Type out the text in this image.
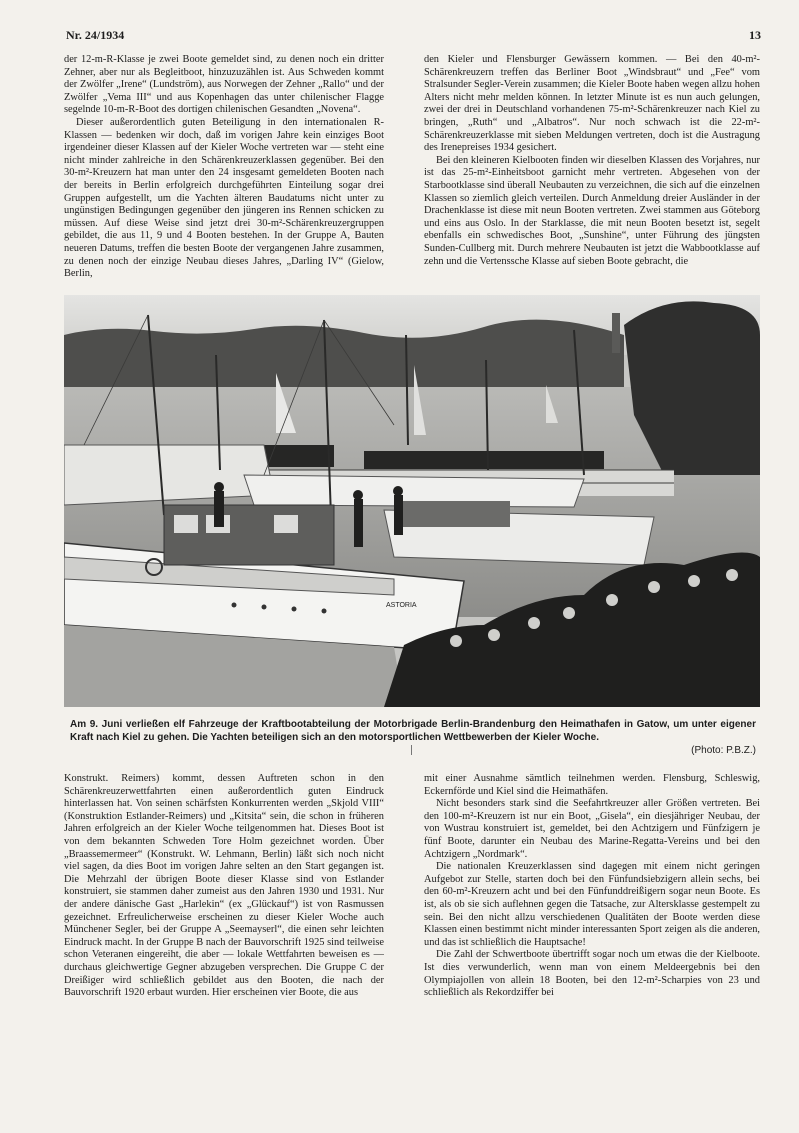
Nr. 24/1934	13

der 12-m-R-Klasse je zwei Boote gemeldet sind, zu denen noch ein dritter Zehner, aber nur als Begleitboot, hinzuzuzählen ist. Aus Schweden kommt der Zwölfer „Irene“ (Lundström), aus Norwegen der Zehner „Rallo“ und der Zwölfer „Vema III“ und aus Kopenhagen das unter chilenischer Flagge segelnde 10-m-R-Boot des dortigen chilenischen Gesandten „Novena“.

Dieser außerordentlich guten Beteiligung in den internationalen R-Klassen — bedenken wir doch, daß im vorigen Jahre kein einziges Boot irgendeiner dieser Klassen auf der Kieler Woche vertreten war — steht eine nicht minder zahlreiche in den Schärenkreuzerklassen gegenüber. Bei den 30-m²-Kreuzern hat man unter den 24 insgesamt gemeldeten Booten nach der bereits in Berlin erfolgreich durchgeführten Einteilung sogar drei Gruppen aufgestellt, um die Yachten älteren Baudatums nicht unter zu ungünstigen Bedingungen gegenüber den jüngeren ins Rennen schicken zu müssen. Auf diese Weise sind jetzt drei 30-m²-Schärenkreuzergruppen gebildet, die aus 11, 9 und 4 Booten bestehen. In der Gruppe A, Bauten neueren Datums, treffen die besten Boote der vergangenen Jahre zusammen, zu denen noch der einzige Neubau dieses Jahres, „Darling IV“ (Gielow, Berlin,

den Kieler und Flensburger Gewässern kommen. — Bei den 40-m²-Schärenkreuzern treffen das Berliner Boot „Windsbraut“ und „Fee“ vom Stralsunder Segler-Verein zusammen; die Kieler Boote haben wegen allzu hohen Alters nicht mehr melden können. In letzter Minute ist es nun auch gelungen, zwei der drei in Deutschland vorhandenen 75-m²-Schärenkreuzer nach Kiel zu bringen, „Ruth“ und „Albatros“. Nur noch schwach ist die 22-m²-Schärenkreuzerklasse mit sieben Meldungen vertreten, doch ist die Austragung des Irenepreises 1934 gesichert.

Bei den kleineren Kielbooten finden wir dieselben Klassen des Vorjahres, nur ist das 25-m²-Einheitsboot garnicht mehr vertreten. Abgesehen von der Starbootklasse sind überall Neubauten zu verzeichnen, die sich auf die einzelnen Klassen so ziemlich gleich verteilen. Durch Anmeldung dreier Ausländer in der Drachenklasse ist diese mit neun Booten vertreten. Zwei stammen aus Göteborg und eins aus Oslo. In der Starklasse, die mit neun Booten besetzt ist, segelt ebenfalls ein schwedisches Boot, „Sunshine“, unter Führung des jüngsten Sunden-Cullberg mit. Durch mehrere Neubauten ist jetzt die Wabbootklasse auf zehn und die Vertenssche Klasse auf sieben Boote gebracht, die

ASTORIA
Am 9. Juni verließen elf Fahrzeuge der Kraftbootabteilung der Motorbrigade Berlin-Brandenburg den Heimathafen in Gatow, um unter eigener Kraft nach Kiel zu gehen. Die Yachten beteiligen sich an den motorsportlichen Wettbewerben der Kieler Woche.
(Photo: P.B.Z.)

Konstrukt. Reimers) kommt, dessen Auftreten schon in den Schärenkreuzerwettfahrten einen außerordentlich guten Eindruck hinterlassen hat. Von seinen schärfsten Konkurrenten werden „Skjold VIII“ (Konstruktion Estlander-Reimers) und „Kitsita“ sein, die schon in früheren Jahren erfolgreich an der Kieler Woche teilgenommen hat. Dieses Boot ist von dem bekannten Schweden Tore Holm gezeichnet worden. Über „Braassemermeer“ (Konstrukt. W. Lehmann, Berlin) läßt sich noch nicht viel sagen, da dies Boot im vorigen Jahre selten an den Start gegangen ist. Die Mehrzahl der übrigen Boote dieser Klasse sind von Estlander konstruiert, sie stammen daher zumeist aus den Jahren 1930 und 1931. Nur der andere dänische Gast „Harlekin“ (ex „Glückauf“) ist von Rasmussen gezeichnet. Erfreulicherweise erscheinen zu dieser Kieler Woche auch Münchener Segler, bei der Gruppe A „Seemayserl“, die einen sehr leichten Eindruck macht. In der Gruppe B nach der Bauvorschrift 1925 sind teilweise schon Veteranen eingereiht, die aber — lokale Wettfahrten beweisen es — durchaus gleichwertige Gegner abzugeben versprechen. Die Gruppe C der Dreißiger wird schließlich gebildet aus den Booten, die nach der Bauvorschrift 1920 erbaut wurden. Hier erscheinen vier Boote, die aus

mit einer Ausnahme sämtlich teilnehmen werden. Flensburg, Schleswig, Eckernförde und Kiel sind die Heimathäfen.

Nicht besonders stark sind die Seefahrtkreuzer aller Größen vertreten. Bei den 100-m²-Kreuzern ist nur ein Boot, „Gisela“, ein diesjähriger Neubau, der von Wustrau konstruiert ist, gemeldet, bei den Achtzigern und Fünfzigern je fünf Boote, darunter ein Neubau des Marine-Regatta-Vereins und bei den Achtzigern „Nordmark“.

Die nationalen Kreuzerklassen sind dagegen mit einem nicht geringen Aufgebot zur Stelle, starten doch bei den Fünfundsiebzigern allein sechs, bei den 60-m²-Kreuzern acht und bei den Fünfunddreißigern sogar neun Boote. Es ist, als ob sie sich auflehnen gegen die Tatsache, zur Altersklasse gestempelt zu sein. Bei den nicht allzu verschiedenen Qualitäten der Boote werden diese Klassen einen bestimmt nicht minder interessanten Sport zeigen als die anderen, und das ist schließlich die Hauptsache!

Die Zahl der Schwertboote übertrifft sogar noch um etwas die der Kielboote. Ist dies verwunderlich, wenn man von einem Meldeergebnis bei den Olympiajollen von allein 18 Booten, bei den 12-m²-Scharpies von 23 und schließlich als Rekordziffer bei
